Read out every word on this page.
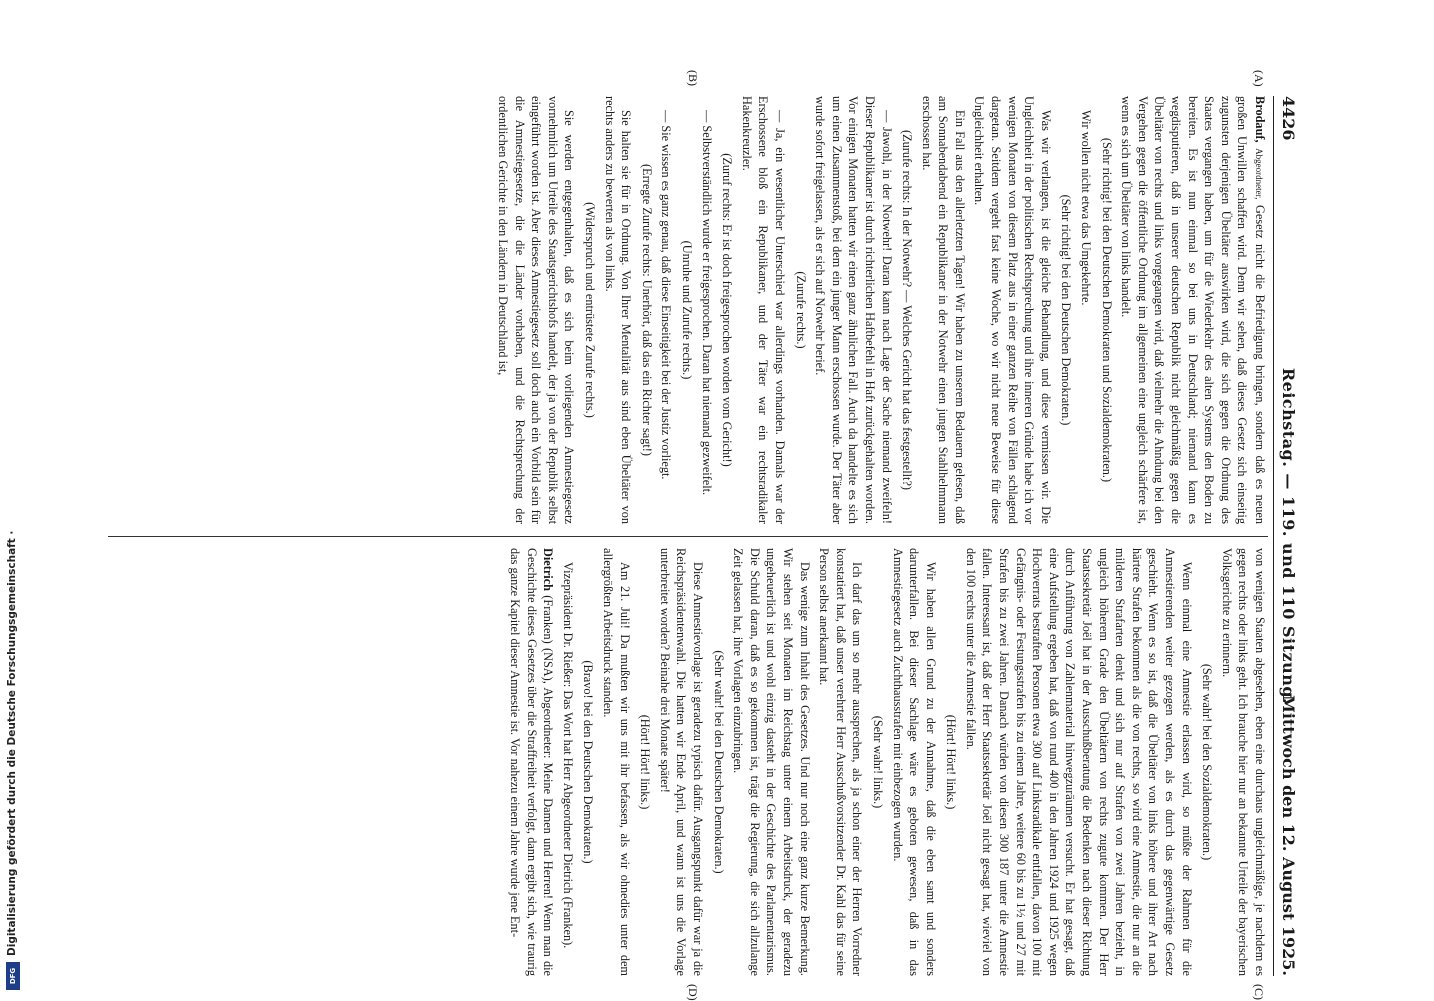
4426
Reichstag. — 119. und 110 Sitzung.
Mittwoch den 12. August 1925.
(A)
(B)
(C)
(D)

Brodauf, Abgeordneter, Gesetz nicht die Befriedigung bringen, sondern daß es neuen großen Unwillen schaffen wird. Denn wir sehen, daß dieses Gesetz sich einseitig zugunsten derjenigen Übeltäter auswirken wird, die sich gegen die Ordnung des Staates vergangen haben, um für die Wiederkehr des alten Systems den Boden zu bereiten. Es ist nun einmal so bei uns in Deutschland; niemand kann es wegdisputieren, daß in unserer deutschen Republik nicht gleichmäßig gegen die Übeltäter von rechts und links vorgegangen wird, daß vielmehr die Ahndung bei den Vergehen gegen die öffentliche Ordnung im allgemeinen eine ungleich schärfere ist, wenn es sich um Übeltäter von links handelt.

(Sehr richtig! bei den Deutschen Demokraten und Sozialdemokraten.)

Wir wollen nicht etwa das Umgekehrte.

(Sehr richtig! bei den Deutschen Demokraten.)

Was wir verlangen, ist die gleiche Behandlung, und diese vermissen wir. Die Ungleichheit in der politischen Rechtsprechung und ihre inneren Gründe habe ich vor wenigen Monaten von diesem Platz aus in einer ganzen Reihe von Fällen schlagend dargetan. Seitdem vergeht fast keine Woche, wo wir nicht neue Beweise für diese Ungleichheit erhalten.

Ein Fall aus den allerletzten Tagen! Wir haben zu unserem Bedauern gelesen, daß am Sonnabendabend ein Republikaner in der Notwehr einen jungen Stahlhelmmann erschossen hat.

(Zurufe rechts: In der Notwehr? — Welches Gericht hat das festgestellt?)

— Jawohl, in der Notwehr! Daran kann nach Lage der Sache niemand zweifeln! Dieser Republikaner ist durch richterlichen Haftbefehl in Haft zurückgehalten worden. Vor einigen Monaten hatten wir einen ganz ähnlichen Fall. Auch da handelte es sich um einen Zusammenstoß, bei dem ein junger Mann erschossen wurde. Der Täter aber wurde sofort freigelassen, als er sich auf Notwehr berief.

(Zurufe rechts.)

— Ja, ein wesentlicher Unterschied war allerdings vorhanden. Damals war der Erschossene bloß ein Republikaner, und der Täter war ein rechtsradikaler Hakenkreuzler.

(Zuruf rechts: Er ist doch freigesprochen worden vom Gericht!)

— Selbstverständlich wurde er freigesprochen. Daran hat niemand gezweifelt.

(Unruhe und Zurufe rechts.)

— Sie wissen es ganz genau, daß diese Einseitigkeit bei der Justiz vorliegt.

(Erregte Zurufe rechts: Unerhört, daß das ein Richter sagt!)

Sie halten sie für in Ordnung. Von Ihrer Mentalität aus sind eben Übeltäter von rechts anders zu bewerten als von links.

(Widerspruch und entrüstete Zurufe rechts.)

Sie werden entgegenhalten, daß es sich beim vorliegenden Amnestiegesetz vornehmlich um Urteile des Staatsgerichtshofs handelt, der ja von der Republik selbst eingeführt worden ist. Aber dieses Amnestiegesetz soll doch auch ein Vorbild sein für die Amnestiegesetze, die die Länder vorhaben, und die Rechtsprechung der ordentlichen Gerichte in den Ländern in Deutschland ist,

von wenigen Staaten abgesehen, eben eine durchaus ungleichmäßige, je nachdem es gegen rechts oder links geht. Ich brauche hier nur an bekannte Urteile der bayerischen Volksgerichte zu erinnern.

(Sehr wahr! bei den Sozialdemokraten.)

Wenn einmal eine Amnestie erlassen wird, so müßte der Rahmen für die Amnestierenden weiter gezogen werden, als es durch das gegenwärtige Gesetz geschieht. Wenn es so ist, daß die Übeltäter von links höhere und ihrer Art nach härtere Strafen bekommen als die von rechts, so wird eine Amnestie, die nur an die milderen Strafarten denkt und sich nur auf Strafen von zwei Jahren bezieht, in ungleich höherem Grade den Übeltätern von rechts zugute kommen. Der Herr Staatssekretär Joël hat in der Ausschußberatung die Bedenken nach dieser Richtung durch Anführung von Zahlenmaterial hinwegzuräumen versucht. Er hat gesagt, daß eine Aufstellung ergeben hat, daß von rund 400 in den Jahren 1924 und 1925 wegen Hochverrats bestraften Personen etwa 300 auf Linksradikale entfallen, davon 100 mit Gefängnis- oder Festungsstrafen bis zu einem Jahre, weitere 60 bis zu 1½ und 27 mit Strafen bis zu zwei Jahren. Danach würden von diesen 300 187 unter die Amnestie fallen. Interessant ist, daß der Herr Staatssekretär Joël nicht gesagt hat, wieviel von den 100 rechts unter die Amnestie fallen.

(Hört! Hört! links.)

Wir haben allen Grund zu der Annahme, daß die eben samt und sonders darunterfallen. Bei dieser Sachlage wäre es geboten gewesen, daß in das Amnestiegesetz auch Zuchthausstrafen mit einbezogen wurden.

(Sehr wahr! links.)

Ich darf das um so mehr aussprechen, als ja schon einer der Herren Vorredner konstatiert hat, daß unser verehrter Herr Ausschußvorsitzender Dr. Kahl das für seine Person selbst anerkannt hat.

Das wenige zum Inhalt des Gesetzes. Und nur noch eine ganz kurze Bemerkung. Wir stehen seit Monaten im Reichstag unter einem Arbeitsdruck, der geradezu ungeheuerlich ist und wohl einzig dasteht in der Geschichte des Parlamentarismus. Die Schuld daran, daß es so gekommen ist, trägt die Regierung, die sich allzulange Zeit gelassen hat, ihre Vorlagen einzubringen.

(Sehr wahr! bei den Deutschen Demokraten.)

Diese Amnestievorlage ist geradezu typisch dafür. Ausgangspunkt dafür war ja die Reichspräsidentenwahl. Die hatten wir Ende April, und wann ist uns die Vorlage unterbreitet worden? Beinahe drei Monate später!

(Hört! Hört! links.)

Am 21. Juli! Da mußten wir uns mit ihr befassen, als wir ohnedies unter dem allergrößten Arbeitsdruck standen.

(Bravo! bei den Deutschen Demokraten.)

Vizepräsident Dr. Rießer: Das Wort hat Herr Abgeordneter Dietrich (Franken).

Dietrich (Franken) (NSA), Abgeordneter: Meine Damen und Herren! Wenn man die Geschichte dieses Gesetzes über die Straffreiheit verfolgt, dann ergibt sich, wie traurig das ganze Kapitel dieser Amnestie ist. Vor nahezu einem Jahre wurde jene Ent-

Digitalisierung gefördert durch die Deutsche Forschungsgemeinschaft ·
DFG
